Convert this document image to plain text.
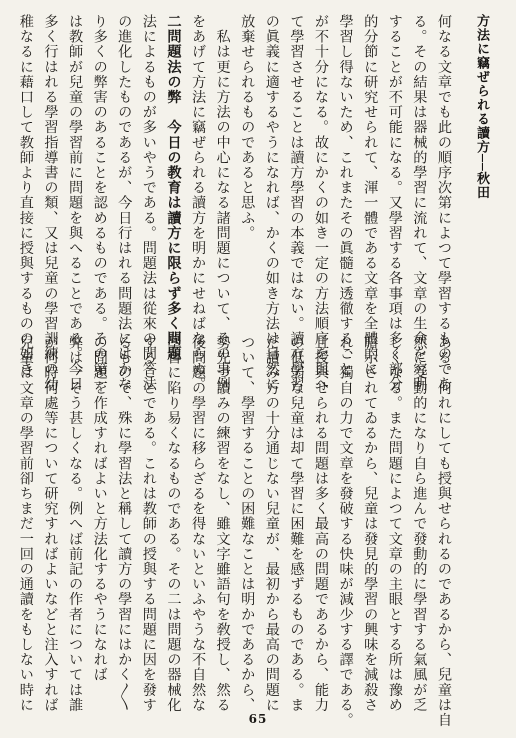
方法に竊ぜられる讀方──秋田
何なる文章でも此の順序次第によつて學習するものであ
る。その結果は器械的學習に流れて、文章の生命を究明
することが不可能になる。又學習する各事項は多く部分
的分節に研究せられて、渾一體である文章を全體的に
學習し得ないため、これまたその眞髓に透徹すること
が不十分になる。故にかくの如き一定の方法順序を與へ
て學習させることは讀方學習の本義ではない。讀方學習
の眞義に適するやうになれば、かくの如き方法は自然に
放棄せられるものであると思ふ。
　私は更に方法の中心になる諸問題について、その事例
をあげて方法に竊ぜられる讀方を明かにせねばならぬ。
二問題法の弊　今日の教育は讀方に限らず多く問題
法によるものが多いやうである。問題法は從來の問答法
の進化したものであるが、今日行はれる問題法にはかな
り多くの弊害のあることを認めるものである。その第一
は教師が兒童の學習前に問題を與へることである。今日
多く行はれる學習指導書の類、又は兒童の學習訓練の幼
稚なるに藉口して教師より直接に授與するものの如き
ある。何れにしても授與せられるのであるから、兒童は自
然に受動的になり自ら進んで發動的に學習する氣風が乏
しくなる。また問題によつて文章の主眼とする所は豫め
暗示されてゐるから、兒童は發見的學習の興味を減殺さ
れ、獨自の力で文章を發破する快味が減少する譯である。
且授與せられる問題は多く最高の問題であるから、能力
の低弱な兒童は却て學習に困難を感ずるものである。ま
だ讀み方の十分通じない兒童が、最初から最高の問題に
ついて、學習することの困難なことは明かであるから、
勢先づ讀みの練習をなし、雖文字雖語句を敎授し、然る
後問題の學習に移らざるを得ないといふやうな不自然な
學習に陷り易くなるものである。その二は問題の器械化
することである。これは教師の授與する問題に因を發す
るもので、殊に學習法と稱して讀方の學習にはかく〳〵
の問題を作成すればよいと方法化するやうになれば
弊は一そう甚しくなる。例へば前記の作者については誰
が何時何處等について研究すればよいなどと注入すれば
兒童は文章の學習前卻ちまだ一回の通讀をもしない時に
65
